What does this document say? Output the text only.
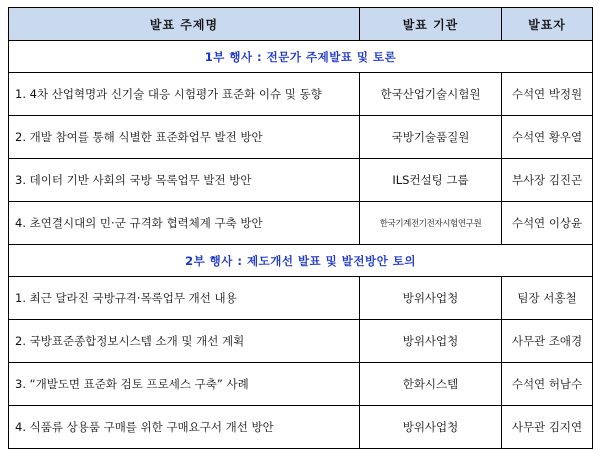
발표 주제명	발표 기관	발표자
1부 행사 : 전문가 주제발표 및 토론		
1. 4차 산업혁명과 신기술 대응 시험평가 표준화 이슈 및 동향	한국산업기술시험원	수석연 박정원
2. 개발 참여를 통해 식별한 표준화업무 발전 방안	국방기술품질원	수석연 황우열
3. 데이터 기반 사회의 국방 목록업무 발전 방안	ILS컨설팅 그룹	부사장 김진곤
4. 초연결시대의 민·군 규격화 협력체계 구축 방안	한국기계전기전자시험연구원	수석연 이상윤
2부 행사 : 제도개선 발표 및 발전방안 토의		
1. 최근 달라진 국방규격·목록업무 개선 내용	방위사업청	팀장 서홍철
2. 국방표준종합정보시스템 소개 및 개선 계획	방위사업청	사무관 조애경
3. “개발도면 표준화 검토 프로세스 구축” 사례	한화시스템	수석연 허남수
4. 식품류 상용품 구매를 위한 구매요구서 개선 방안	방위사업청	사무관 김지연
